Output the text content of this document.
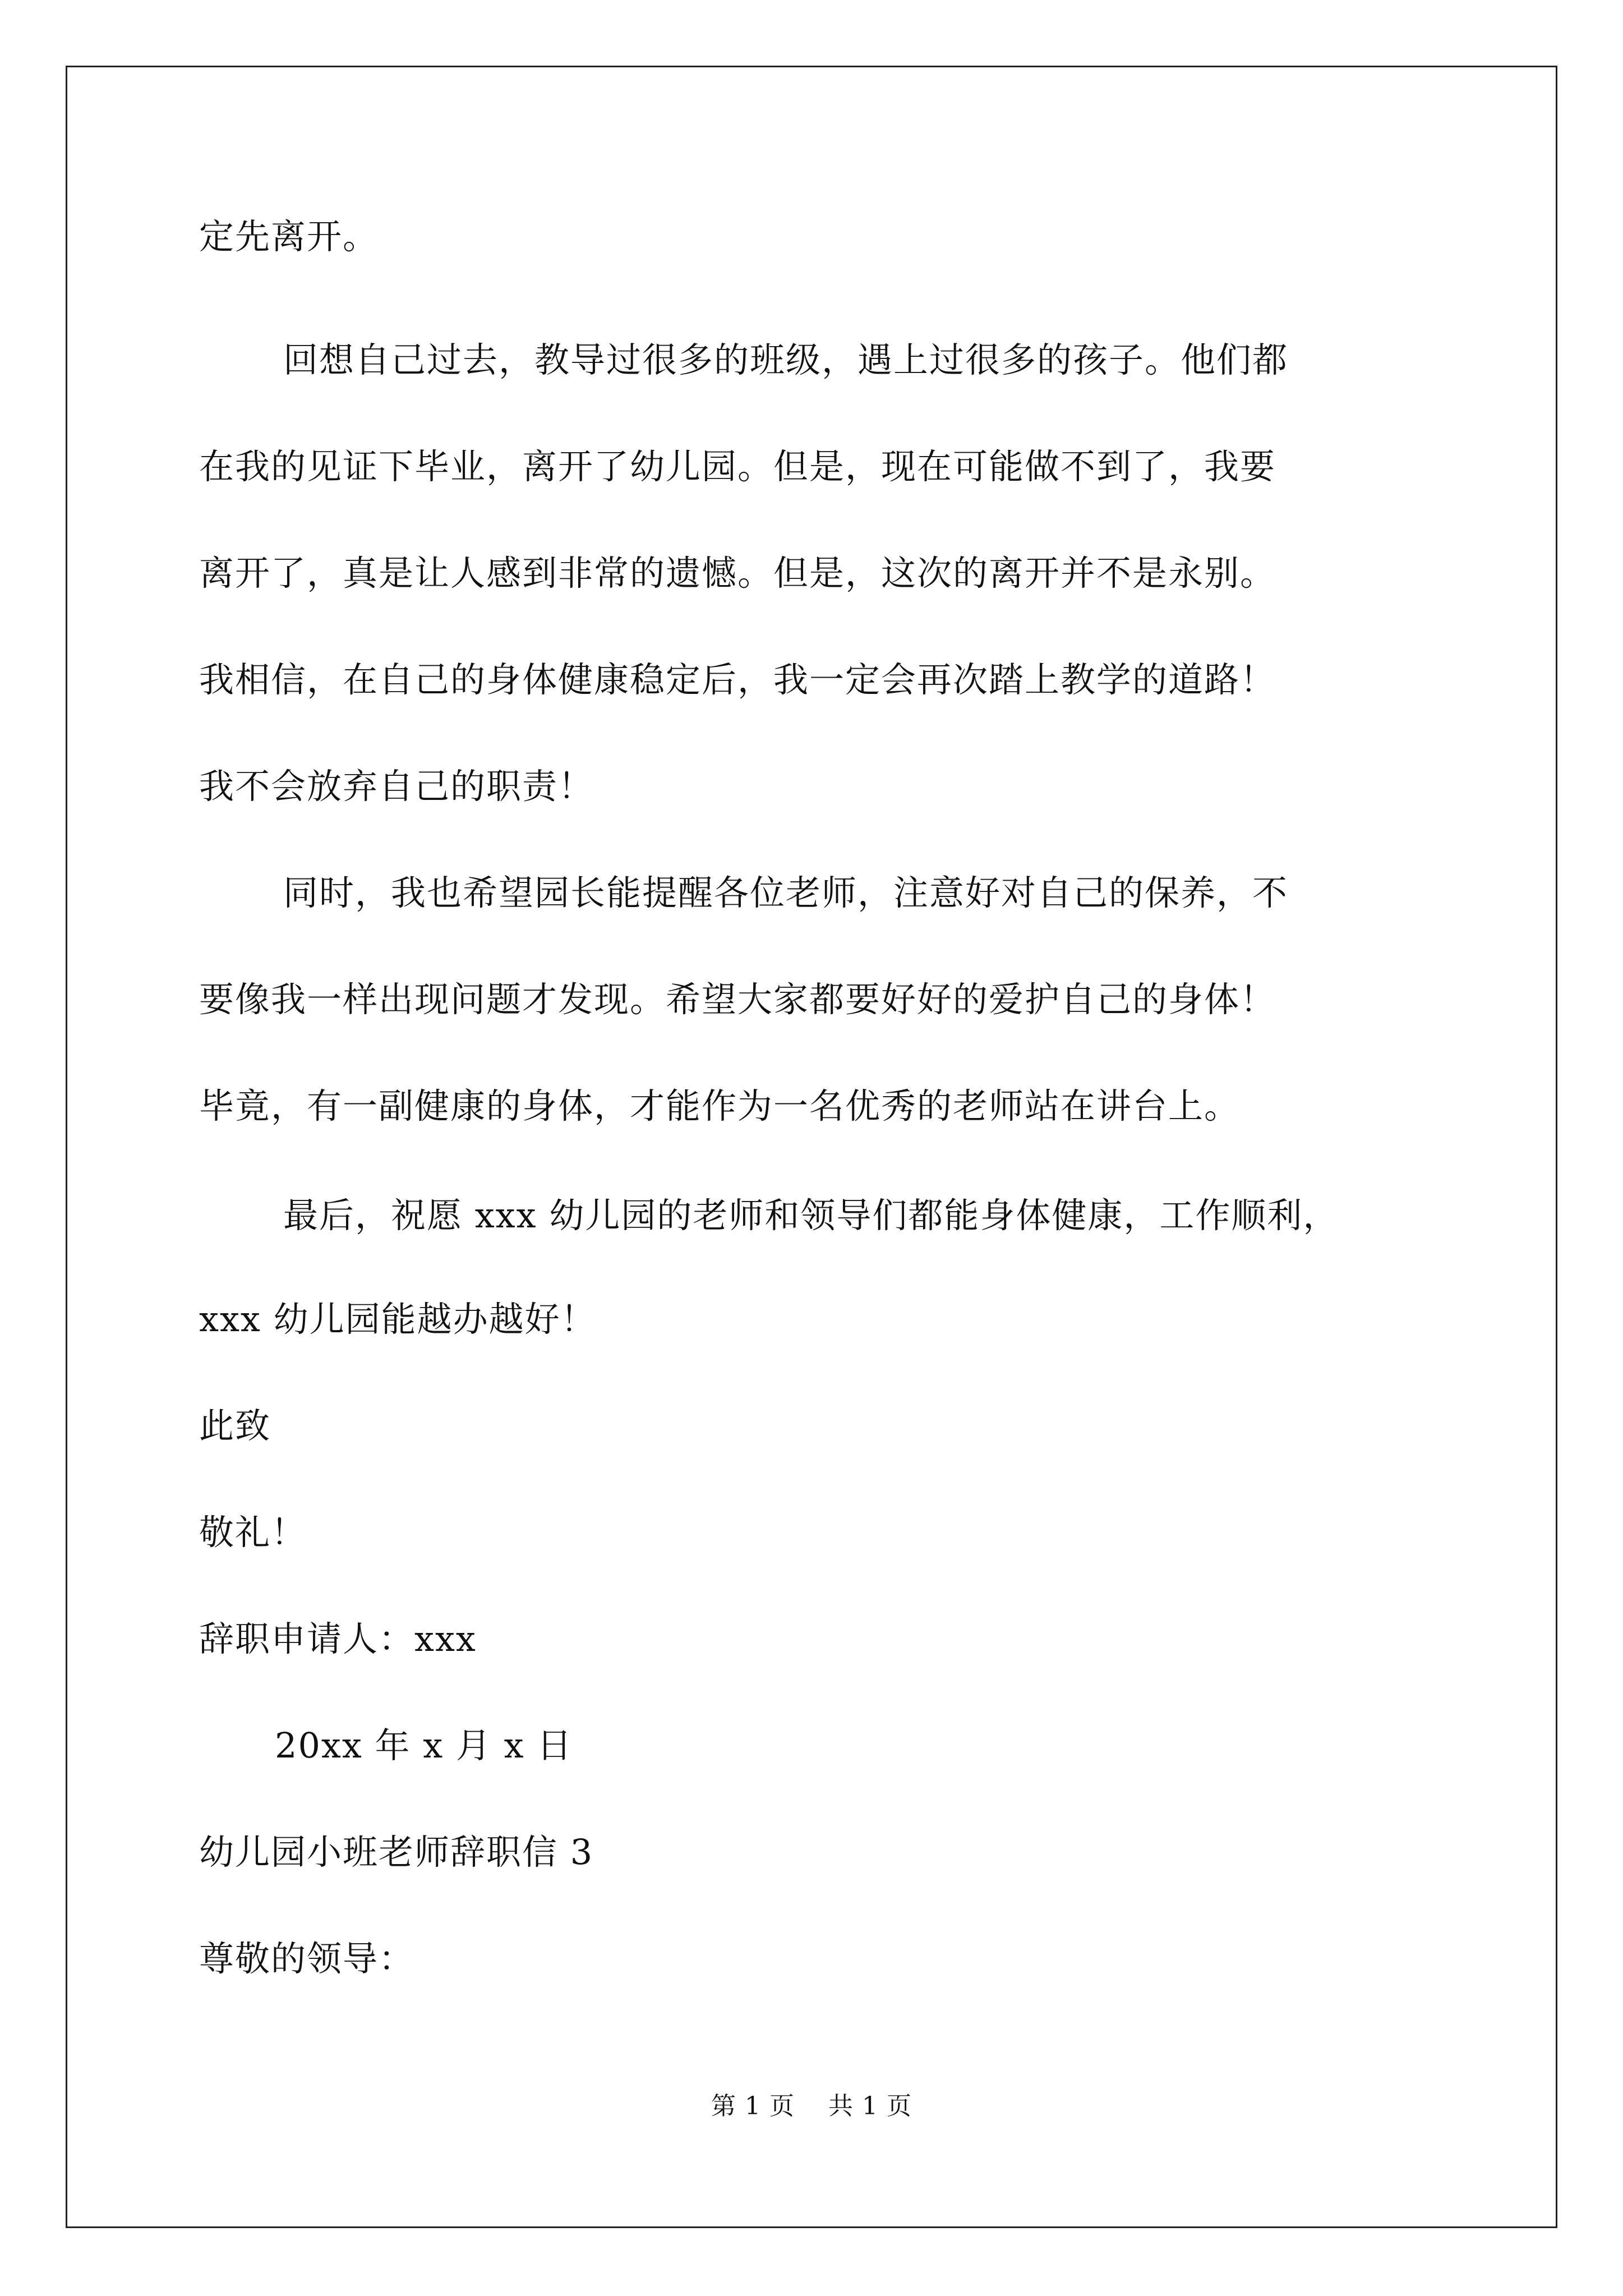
定先离开。
回想自己过去，教导过很多的班级，遇上过很多的孩子。他们都
在我的见证下毕业，离开了幼儿园。但是，现在可能做不到了，我要
离开了，真是让人感到非常的遗憾。但是，这次的离开并不是永别。
我相信，在自己的身体健康稳定后，我一定会再次踏上教学的道路！
我不会放弃自己的职责！
同时，我也希望园长能提醒各位老师，注意好对自己的保养，不
要像我一样出现问题才发现。希望大家都要好好的爱护自己的身体！
毕竟，有一副健康的身体，才能作为一名优秀的老师站在讲台上。
最后，祝愿 xxx 幼儿园的老师和领导们都能身体健康，工作顺利，
xxx 幼儿园能越办越好！
此致
敬礼！
辞职申请人：xxx
20xx 年 x 月 x 日
幼儿园小班老师辞职信 3
尊敬的领导：
第 1 页 共 1 页
